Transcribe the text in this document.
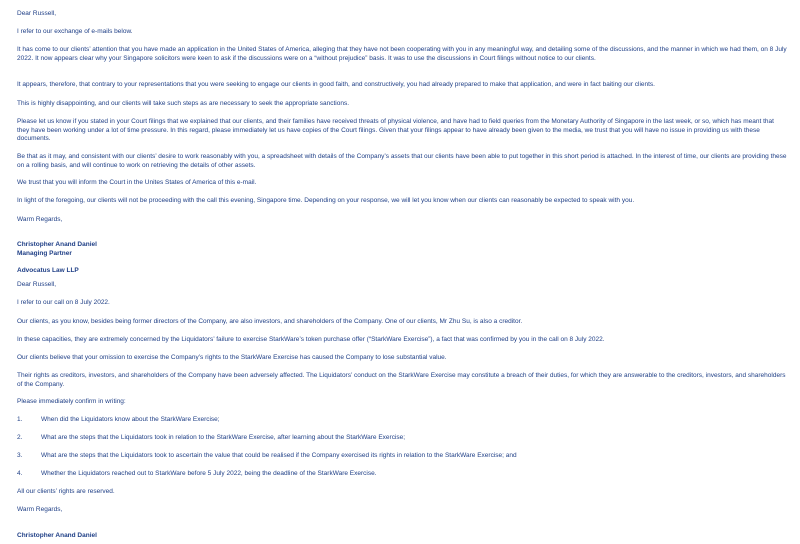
Dear Russell,
I refer to our exchange of e-mails below.
It has come to our clients’ attention that you have made an application in the United States of America, alleging that they have not been cooperating with you in any meaningful way, and detailing some of the discussions, and the manner in which we had them, on 8 July 2022. It now appears clear why your Singapore solicitors were keen to ask if the discussions were on a “without prejudice” basis. It was to use the discussions in Court filings without notice to our clients.
It appears, therefore, that contrary to your representations that you were seeking to engage our clients in good faith, and constructively, you had already prepared to make that application, and were in fact baiting our clients.
This is highly disappointing, and our clients will take such steps as are necessary to seek the appropriate sanctions.
Please let us know if you stated in your Court filings that we explained that our clients, and their families have received threats of physical violence, and have had to field queries from the Monetary Authority of Singapore in the last week, or so, which has meant that they have been working under a lot of time pressure. In this regard, please immediately let us have copies of the Court filings. Given that your filings appear to have already been given to the media, we trust that you will have no issue in providing us with these documents.
Be that as it may, and consistent with our clients’ desire to work reasonably with you, a spreadsheet with details of the Company’s assets that our clients have been able to put together in this short period is attached. In the interest of time, our clients are providing these on a rolling basis, and will continue to work on retrieving the details of other assets.
We trust that you will inform the Court in the Unites States of America of this e-mail.
In light of the foregoing, our clients will not be proceeding with the call this evening, Singapore time. Depending on your response, we will let you know when our clients can reasonably be expected to speak with you.
Warm Regards,
Christopher Anand Daniel
Managing Partner
Advocatus Law LLP
Dear Russell,
I refer to our call on 8 July 2022.
Our clients, as you know, besides being former directors of the Company, are also investors, and shareholders of the Company. One of our clients, Mr Zhu Su, is also a creditor.
In these capacities, they are extremely concerned by the Liquidators’ failure to exercise StarkWare’s token purchase offer (“StarkWare Exercise”), a fact that was confirmed by you in the call on 8 July 2022.
Our clients believe that your omission to exercise the Company’s rights to the StarkWare Exercise has caused the Company to lose substantial value.
Their rights as creditors, investors, and shareholders of the Company have been adversely affected. The Liquidators’ conduct on the StarkWare Exercise may constitute a breach of their duties, for which they are answerable to the creditors, investors, and shareholders of the Company.
Please immediately confirm in writing:
1.	When did the Liquidators know about the StarkWare Exercise;
2.	What are the steps that the Liquidators took in relation to the StarkWare Exercise, after learning about the StarkWare Exercise;
3.	What are the steps that the Liquidators took to ascertain the value that could be realised if the Company exercised its rights in relation to the StarkWare Exercise; and
4.	Whether the Liquidators reached out to StarkWare before 5 July 2022, being the deadline of the StarkWare Exercise.
All our clients’ rights are reserved.
Warm Regards,
Christopher Anand Daniel
